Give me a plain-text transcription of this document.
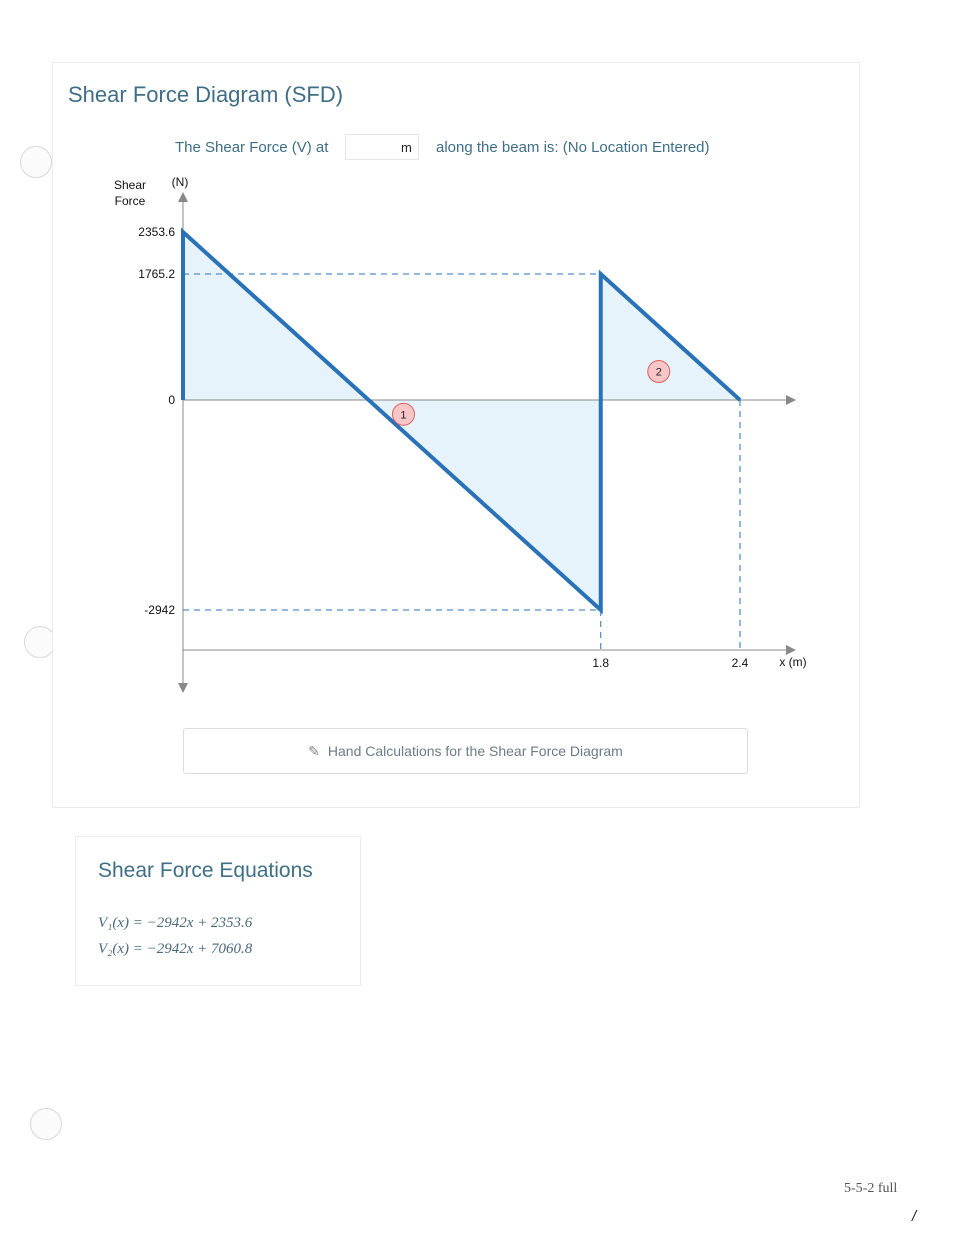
Shear Force Diagram (SFD)
The Shear Force (V) at	m along the beam is: (No Location Entered)
Shear
Force
(N)
2353.6
1765.2
0
-2942
1.8	2.4	x (m)
1
2
✎ Hand Calculations for the Shear Force Diagram
Shear Force Equations
V₁(x) = −2942x + 2353.6
V₂(x) = −2942x + 7060.8
5-5-2 full
/
